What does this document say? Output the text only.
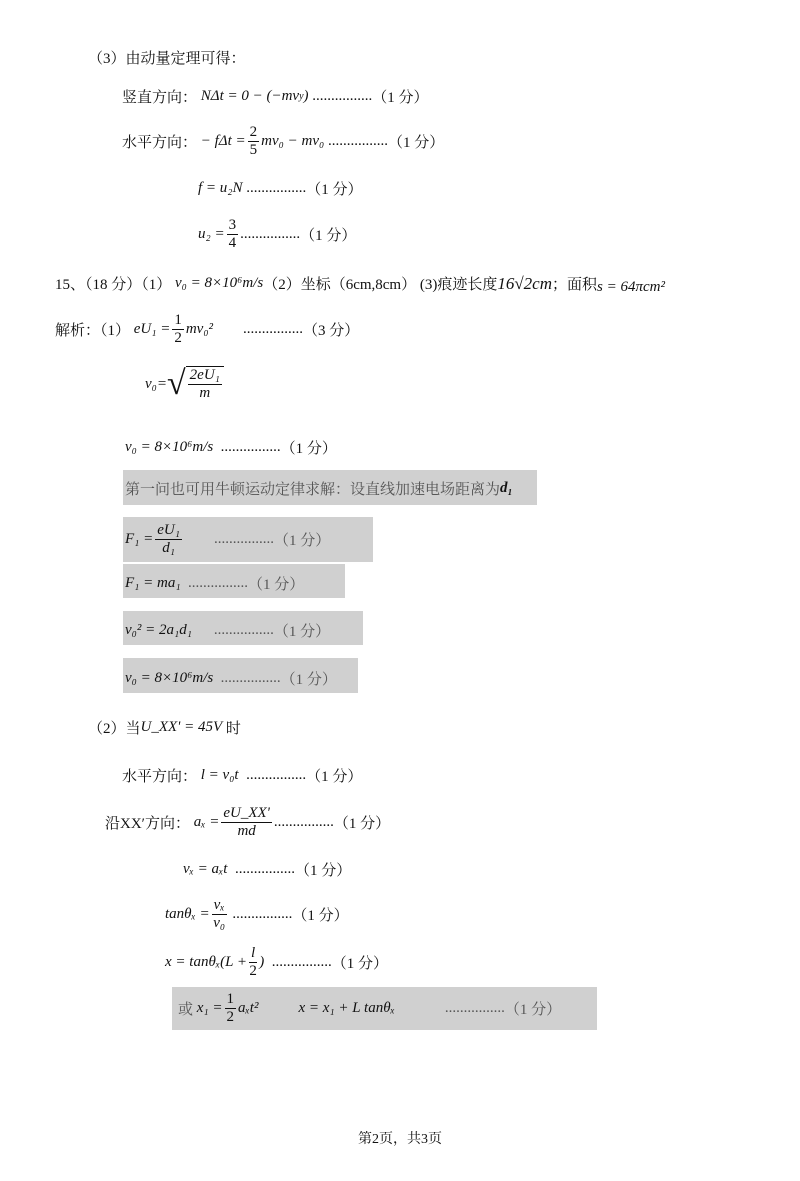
（3）由动量定理可得：
竖直方向：
NΔt = 0 − (−mv y )
................ （1 分）
水平方向：
− $f\Delta t = \frac{2}{5} mv_0 - mv_0$
................ （1 分）
f = u₂N
................ （1 分）
$u_2 = \frac{3}{4}$ ................ （1 分）
15、（18 分）（1）
v₀ = 8×10⁶m/s （2）坐标（6cm,8cm）
(3)痕迹长度 16√2cm ；面积 s = 64πcm²
解析：（1）
$eU_1 = \frac{1}{2} mv_0^2$ ................ （3 分）
v₀= √ $\frac{\text{2eU₁}}{m}$
v₀ = 8×10⁶m/s
................ （1 分）
第一问也可用牛顿运动定律求解：设直线加速电场距离为 d₁
$F_1 = \frac{\text{eU₁}}{\text{d₁}}$ ................ （1 分）
F₁ = ma₁
................ （1 分）
v₀² = 2a₁d₁ ................ （1 分）
v₀ = 8×10⁶m/s
................ （1 分）
（2）当 U_XX' = 45V
时
水平方向：
l = v₀t
................ （1 分）
沿XX′方向：
$a_x = \frac{eU\_XX'}{md}$ ................ （1 分）
vₓ = aₓt
................ （1 分）
$\tan\theta_x = \frac{\text{vₓ}}{\text{v₀}}$
................ （1 分）
$x = \tan\theta_x(L + \frac{l}{2}$ )
................ （1 分）
或
$x_1 = \frac{1}{2} a_xt^2$	x = x₁ + L tanθₓ	................ （1 分）
第2页，共3页
